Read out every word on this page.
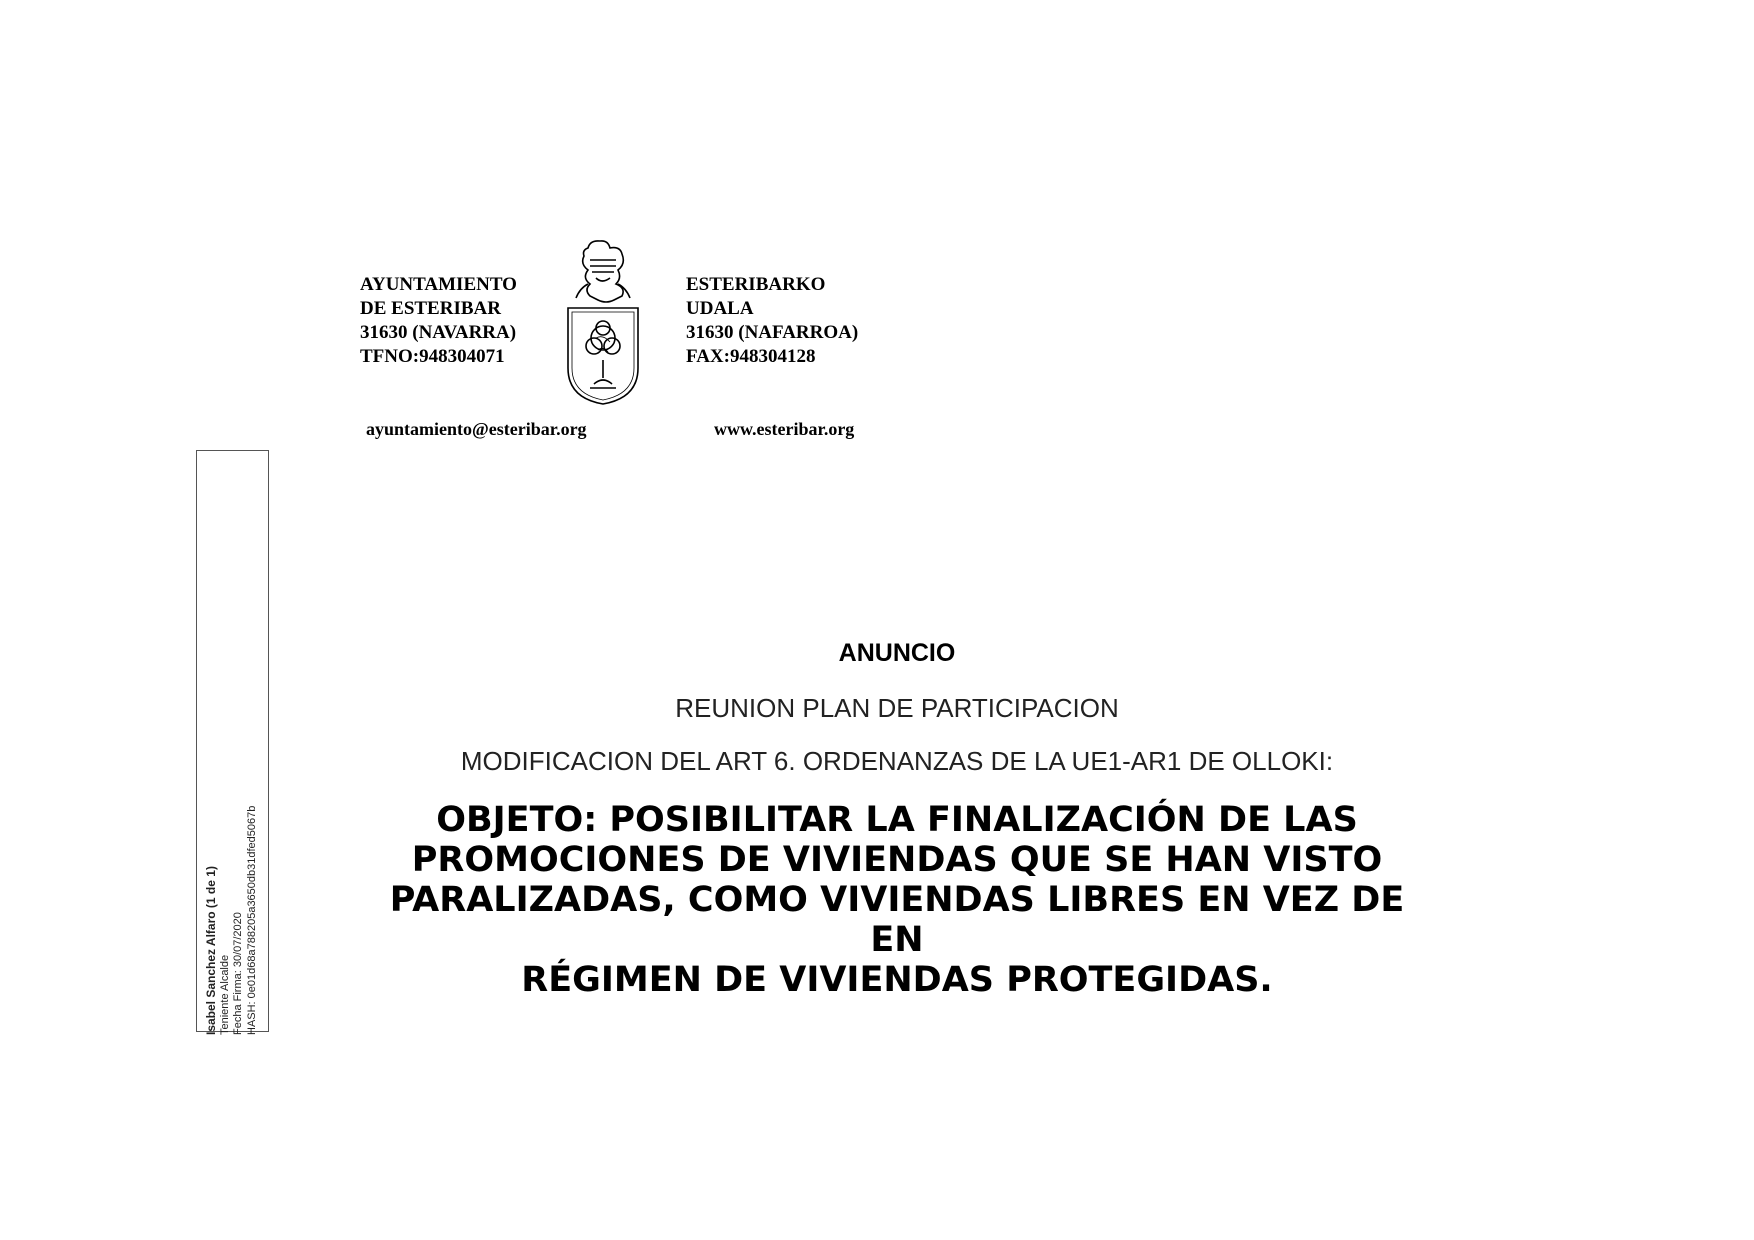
AYUNTAMIENTO
DE ESTERIBAR
31630 (NAVARRA)
TFNO:948304071
ESTERIBARKO
UDALA
31630 (NAFARROA)
FAX:948304128
ayuntamiento@esteribar.org	www.esteribar.org
Isabel Sanchez Alfaro (1 de 1) Teniente Alcalde Fecha Firma: 30/07/2020 HASH: 0e01d68a788205a3650db31dfed5067b
ANUNCIO
REUNION PLAN DE PARTICIPACION
MODIFICACION DEL ART 6. ORDENANZAS DE LA UE1-AR1 DE OLLOKI:
OBJETO: POSIBILITAR LA FINALIZACIÓN DE LAS
PROMOCIONES DE VIVIENDAS QUE SE HAN VISTO
PARALIZADAS, COMO VIVIENDAS LIBRES EN VEZ DE
EN
RÉGIMEN DE VIVIENDAS PROTEGIDAS.
